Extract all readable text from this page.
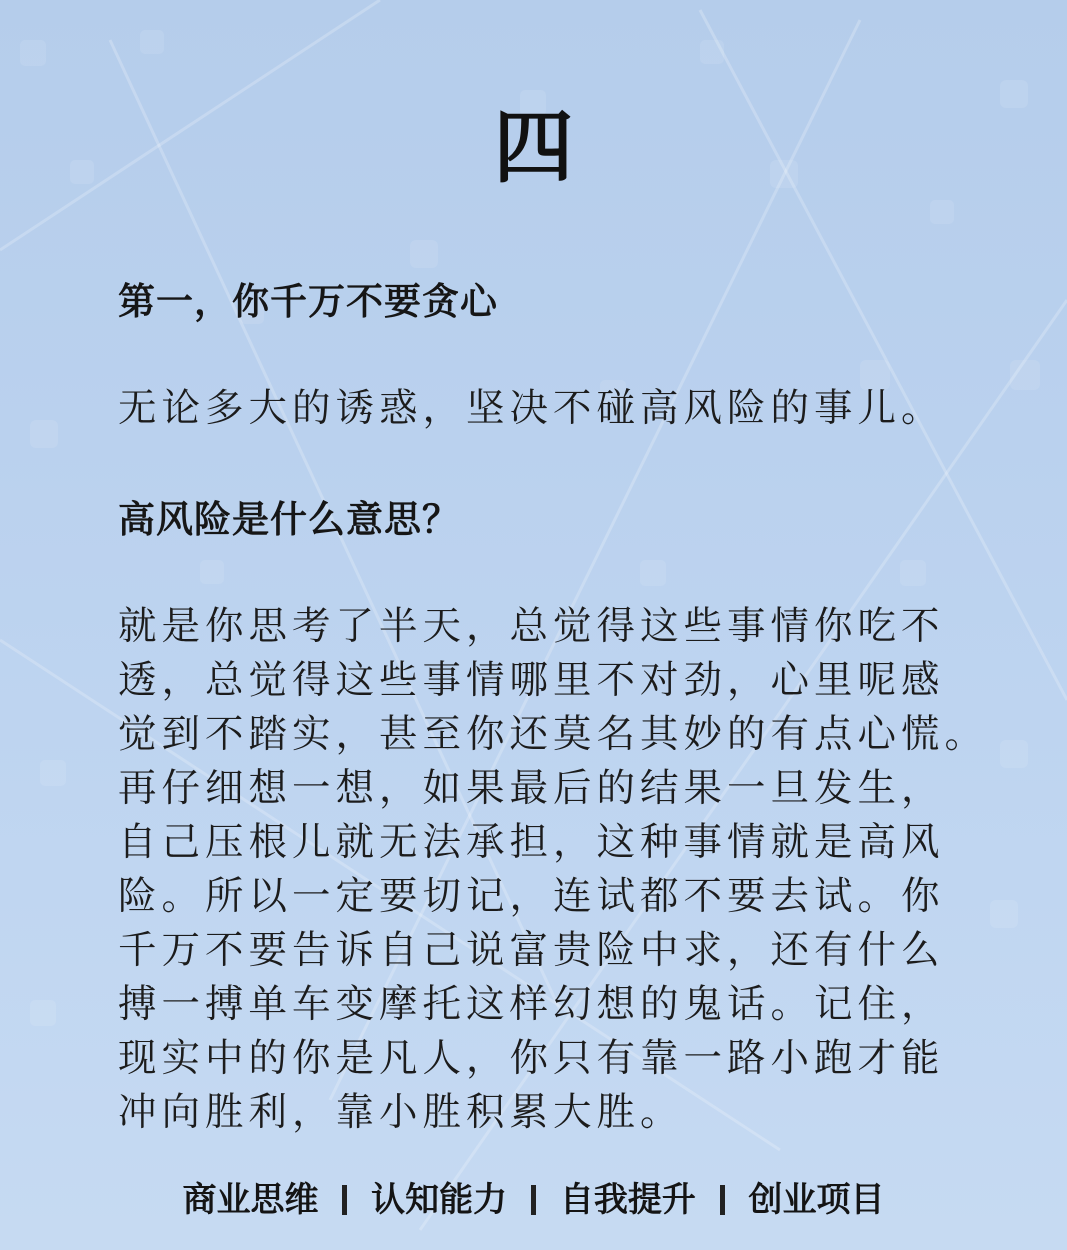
四

第一，你千万不要贪心

无论多大的诱惑，坚决不碰高风险的事儿。

高风险是什么意思？

就是你思考了半天，总觉得这些事情你吃不
透，总觉得这些事情哪里不对劲，心里呢感
觉到不踏实，甚至你还莫名其妙的有点心慌。
再仔细想一想，如果最后的结果一旦发生，
自己压根儿就无法承担，这种事情就是高风
险。所以一定要切记，连试都不要去试。你
千万不要告诉自己说富贵险中求，还有什么
搏一搏单车变摩托这样幻想的鬼话。记住，
现实中的你是凡人，你只有靠一路小跑才能
冲向胜利，靠小胜积累大胜。
商业思维 认知能力 自我提升 创业项目
